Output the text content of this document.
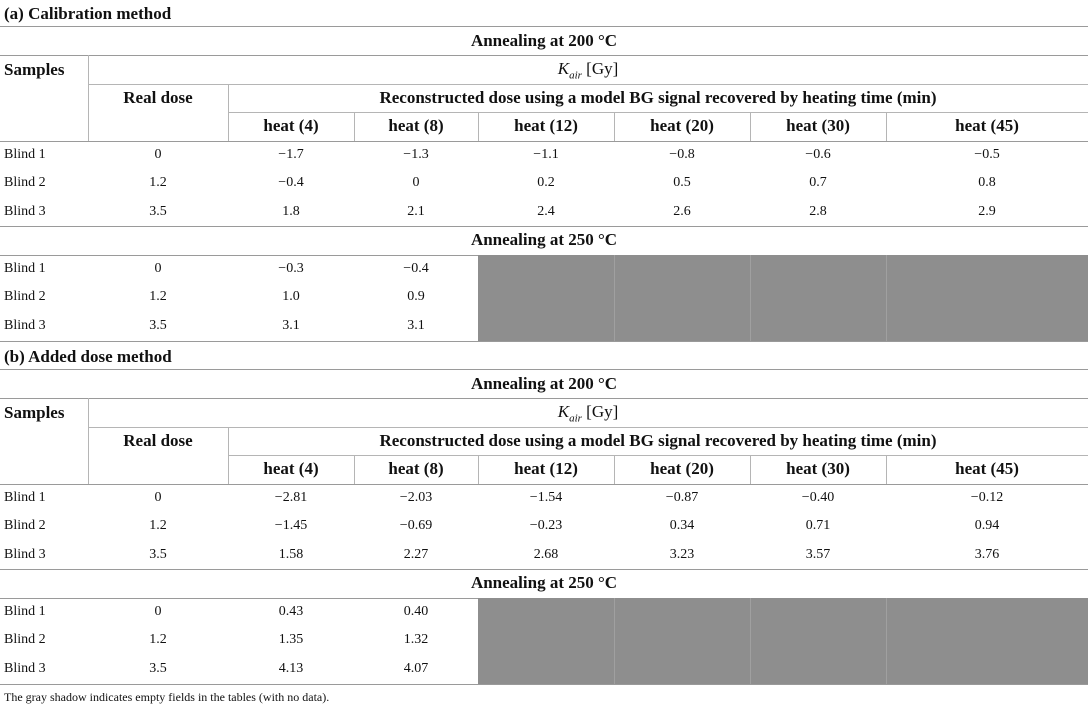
(a) Calibration method
Annealing at 200 °C
Samples	$K_{air}$ [Gy]
Real dose	Reconstructed dose using a model BG signal recovered by heating time (min)
heat (4)	heat (8)	heat (12)	heat (20)	heat (30)	heat (45)
Blind 1	0	−1.7	−1.3	−1.1	−0.8	−0.6	−0.5
Blind 2	1.2	−0.4	0	0.2	0.5	0.7	0.8
Blind 3	3.5	1.8	2.1	2.4	2.6	2.8	2.9
Annealing at 250 °C
Blind 1	0	−0.3	−0.4
Blind 2	1.2	1.0	0.9
Blind 3	3.5	3.1	3.1
(b) Added dose method
Annealing at 200 °C
Samples	$K_{air}$ [Gy]
Real dose	Reconstructed dose using a model BG signal recovered by heating time (min)
heat (4)	heat (8)	heat (12)	heat (20)	heat (30)	heat (45)
Blind 1	0	−2.81	−2.03	−1.54	−0.87	−0.40	−0.12
Blind 2	1.2	−1.45	−0.69	−0.23	0.34	0.71	0.94
Blind 3	3.5	1.58	2.27	2.68	3.23	3.57	3.76
Annealing at 250 °C
Blind 1	0	0.43	0.40
Blind 2	1.2	1.35	1.32
Blind 3	3.5	4.13	4.07
The gray shadow indicates empty fields in the tables (with no data).
